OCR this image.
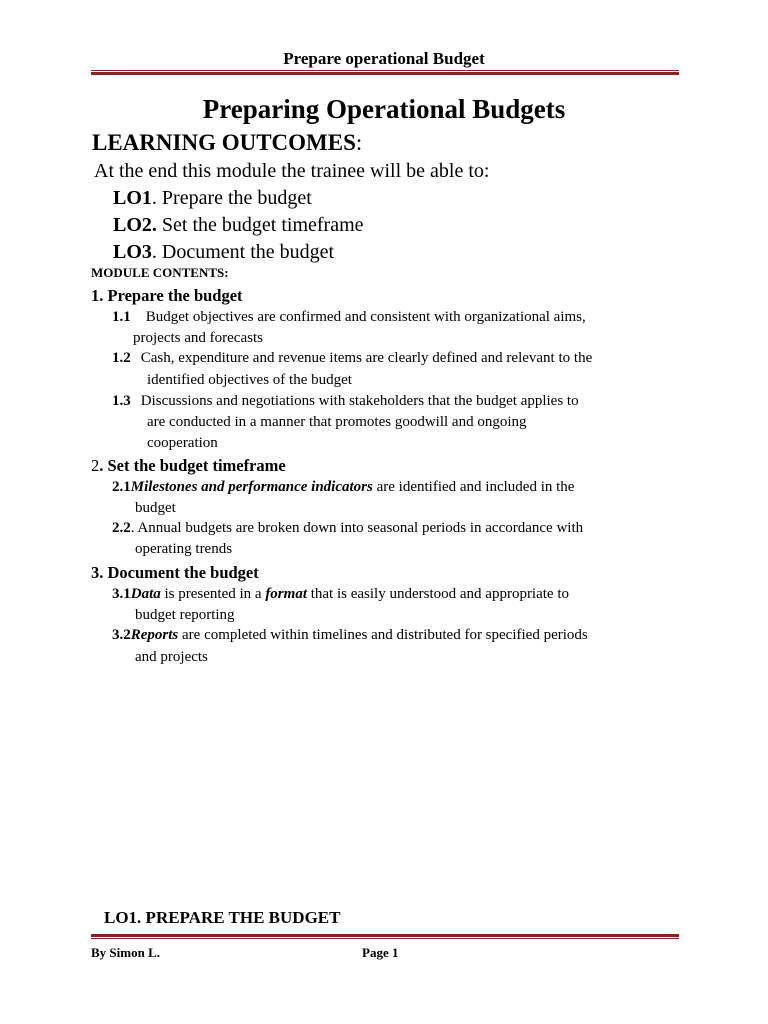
Prepare operational Budget
Preparing Operational Budgets
LEARNING OUTCOMES:
At the end this module the trainee will be able to:
LO1. Prepare the budget
LO2. Set the budget timeframe
LO3. Document the budget
MODULE CONTENTS:
1. Prepare the budget
1.1 Budget objectives are confirmed and consistent with organizational aims,
projects and forecasts
1.2 Cash, expenditure and revenue items are clearly defined and relevant to the
identified objectives of the budget
1.3 Discussions and negotiations with stakeholders that the budget applies to
are conducted in a manner that promotes goodwill and ongoing
cooperation
2. Set the budget timeframe
2.1Milestones and performance indicators are identified and included in the
budget
2.2. Annual budgets are broken down into seasonal periods in accordance with
operating trends
3. Document the budget
3.1Data is presented in a format that is easily understood and appropriate to
budget reporting
3.2Reports are completed within timelines and distributed for specified periods
and projects
LO1. PREPARE THE BUDGET
By Simon L.	Page 1
